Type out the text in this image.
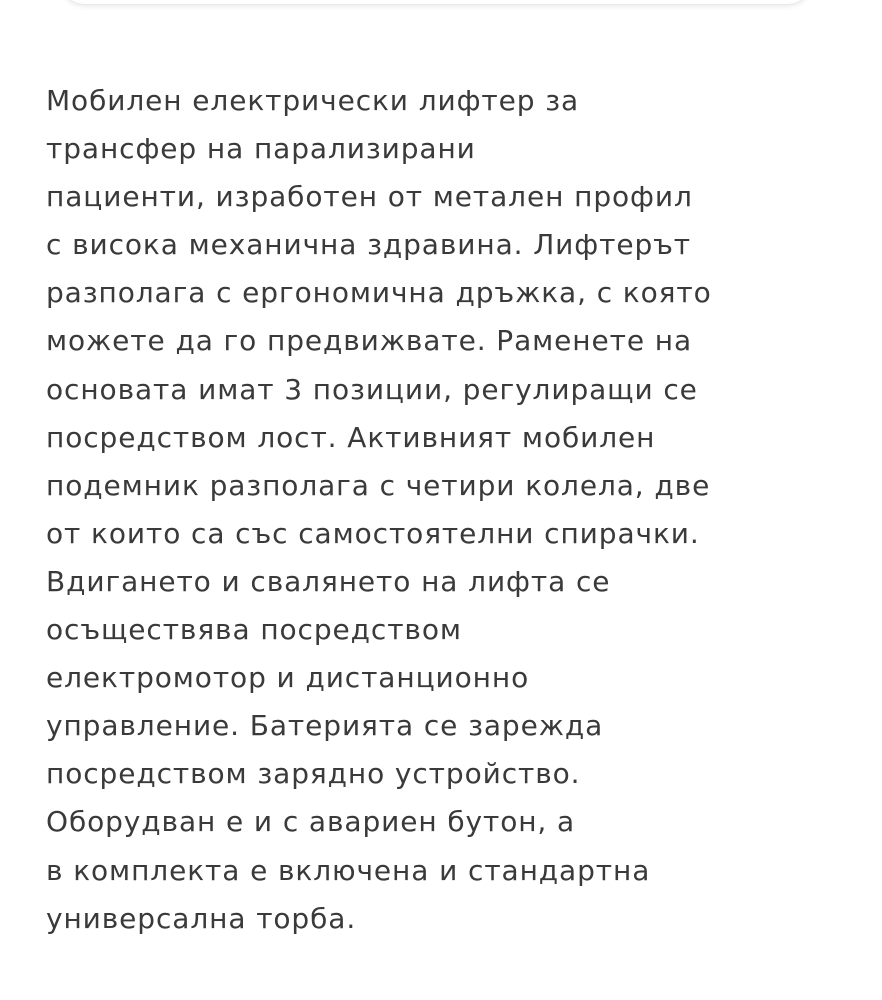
Мобилен електрически лифтер за
трансфер на парализирани
пациенти, изработен от метален профил
с висока механична здравина. Лифтерът
разполага с ергономична дръжка, с която
можете да го предвижвате. Раменете на
основата имат 3 позиции, регулиращи се
посредством лост. Активният мобилен
подемник разполага с четири колела, две
от които са със самостоятелни спирачки.
Вдигането и свалянето на лифта се
осъществява посредством
електромотор и дистанционно
управление. Батерията се зарежда
посредством зарядно устройство.
Оборудван е и с авариен бутон, а
в комплекта е включена и стандартна
универсална торба.
